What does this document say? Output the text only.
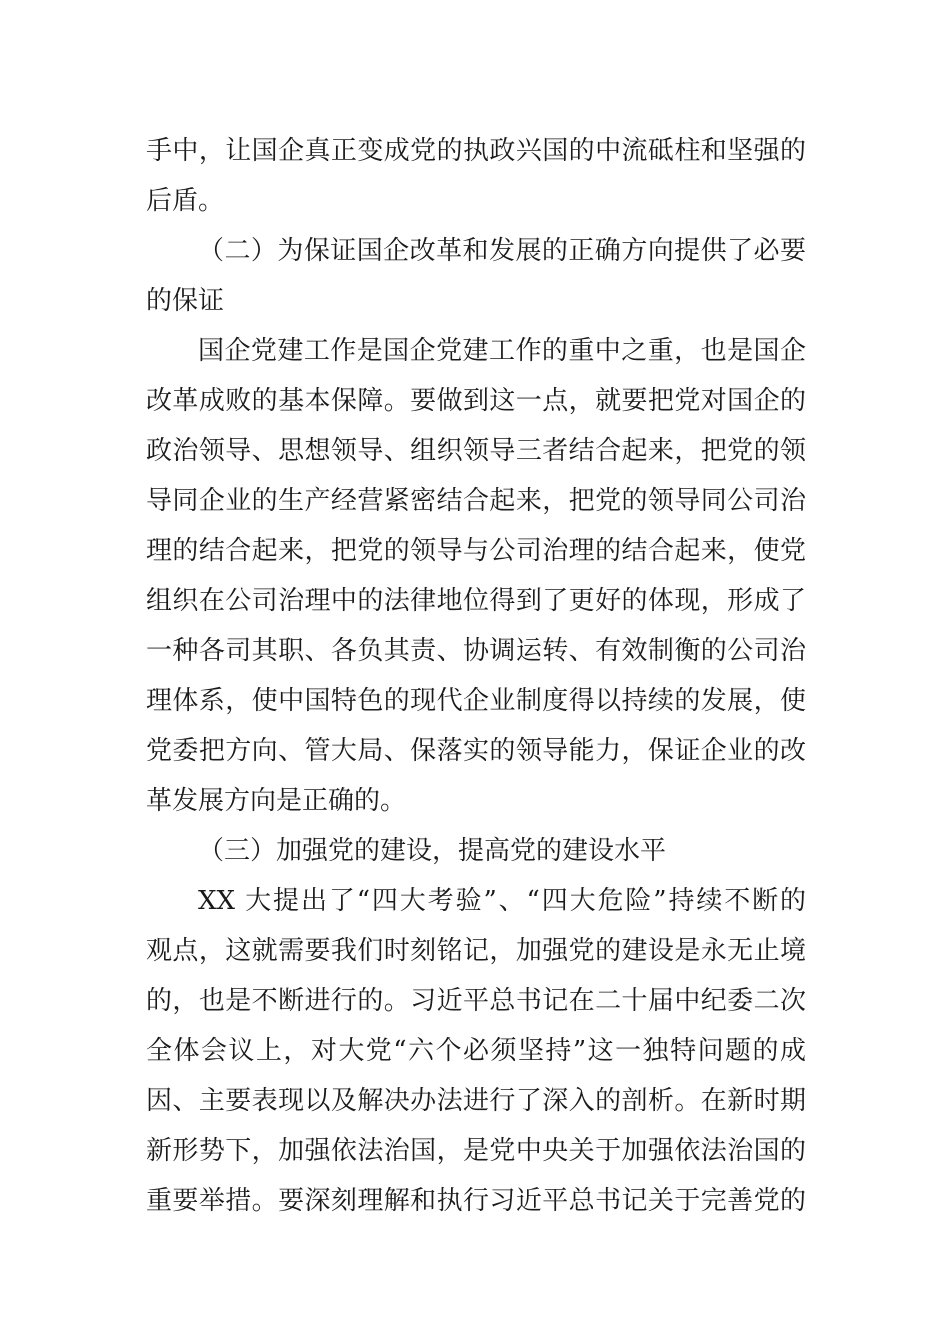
手中，让国企真正变成党的执政兴国的中流砥柱和坚强的
后盾。
（二）为保证国企改革和发展的正确方向提供了必要
的保证
国企党建工作是国企党建工作的重中之重，也是国企
改革成败的基本保障。要做到这一点，就要把党对国企的
政治领导、思想领导、组织领导三者结合起来，把党的领
导同企业的生产经营紧密结合起来，把党的领导同公司治
理的结合起来，把党的领导与公司治理的结合起来，使党
组织在公司治理中的法律地位得到了更好的体现，形成了
一种各司其职、各负其责、协调运转、有效制衡的公司治
理体系，使中国特色的现代企业制度得以持续的发展，使
党委把方向、管大局、保落实的领导能力，保证企业的改
革发展方向是正确的。
（三）加强党的建设，提高党的建设水平
XX 大提出了“四大考验”、“四大危险”持续不断的
观点，这就需要我们时刻铭记，加强党的建设是永无止境
的，也是不断进行的。习近平总书记在二十届中纪委二次
全体会议上，对大党“六个必须坚持”这一独特问题的成
因、主要表现以及解决办法进行了深入的剖析。在新时期
新形势下，加强依法治国，是党中央关于加强依法治国的
重要举措。要深刻理解和执行习近平总书记关于完善党的
